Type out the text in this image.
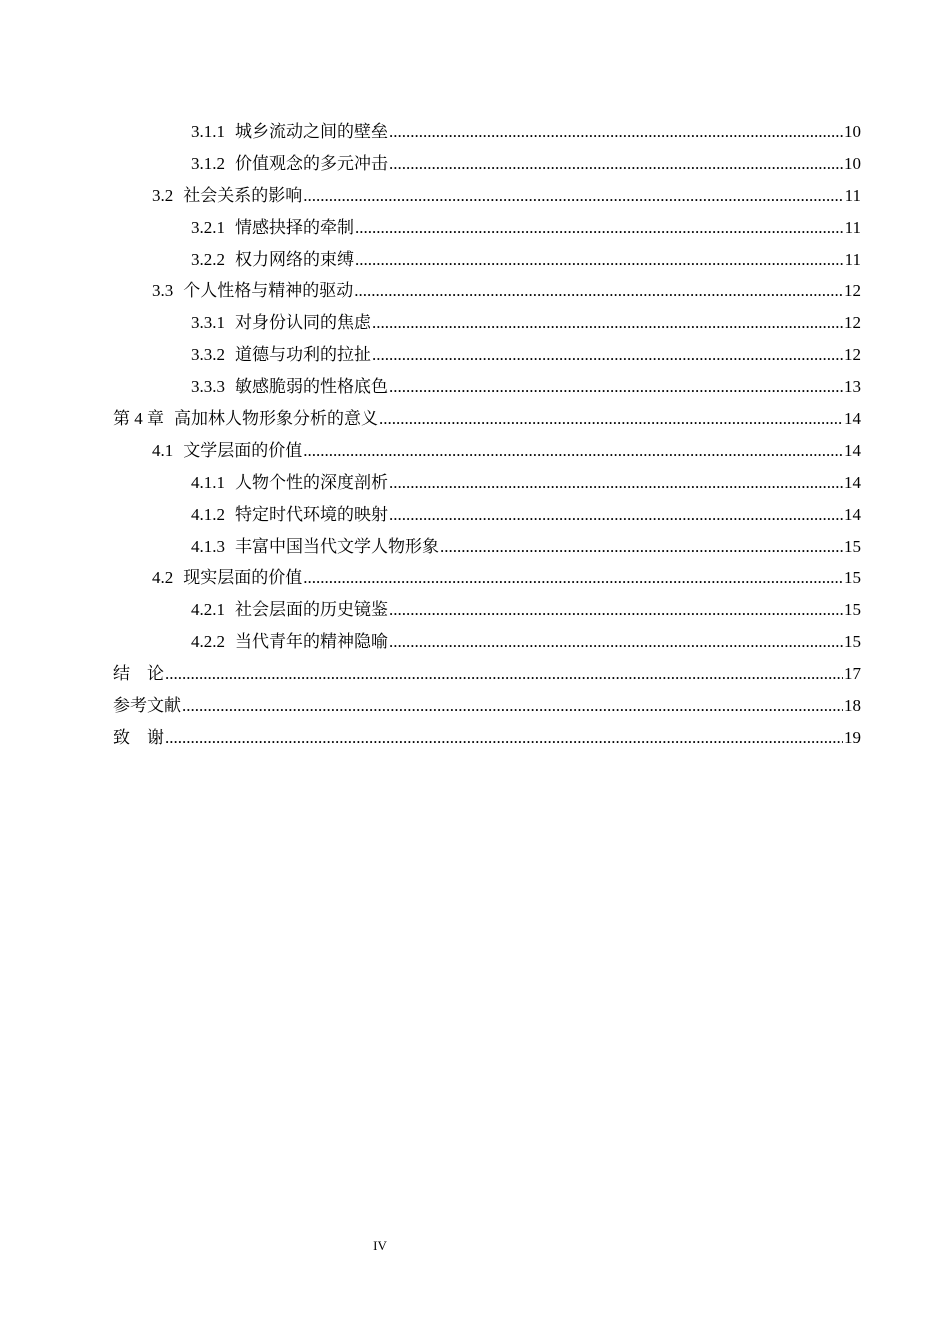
3.1.1 城乡流动之间的壁垒 .....	10
3.1.2 价值观念的多元冲击 .....	10
3.2 社会关系的影响 .....	11
3.2.1 情感抉择的牵制 .....	11
3.2.2 权力网络的束缚 .....	11
3.3 个人性格与精神的驱动 .....	12
3.3.1 对身份认同的焦虑 .....	12
3.3.2 道德与功利的拉扯 .....	12
3.3.3 敏感脆弱的性格底色 .....	13
第 4 章 高加林人物形象分析的意义 .....	14
4.1 文学层面的价值 .....	14
4.1.1 人物个性的深度剖析 .....	14
4.1.2 特定时代环境的映射 .....	14
4.1.3 丰富中国当代文学人物形象 .....	15
4.2 现实层面的价值 .....	15
4.2.1 社会层面的历史镜鉴 .....	15
4.2.2 当代青年的精神隐喻 .....	15
结　论 .....	17
参考文献 .....	18
致　谢 .....	19
IV
